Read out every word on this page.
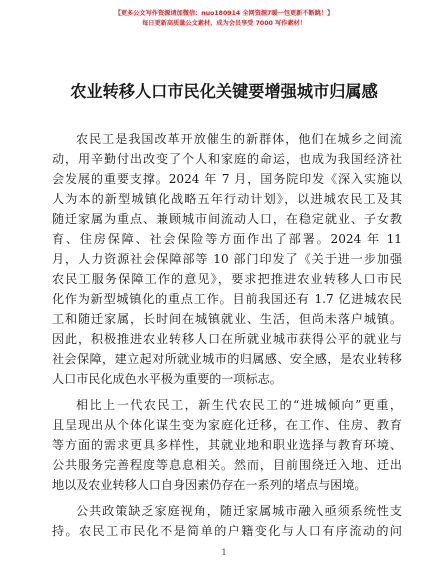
【更多公文写作资源请加微信：nuo180914 全网资源7暖一包更新不断跳！】
每日更新高质量公文素材，成为会员享受 7000 写作素材！
农业转移人口市民化关键要增强城市归属感
农民工是我国改革开放催生的新群体，他们在城乡之间流
动，用辛勤付出改变了个人和家庭的命运，也成为我国经济社
会发展的重要支撑。2024 年 7 月，国务院印发《深入实施以
人为本的新型城镇化战略五年行动计划》，以进城农民工及其
随迁家属为重点、兼顾城市间流动人口，在稳定就业、子女教
育、住房保障、社会保险等方面作出了部署。2024 年 11
月，人力资源社会保障部等 10 部门印发了《关于进一步加强
农民工服务保障工作的意见》，要求把推进农业转移人口市民
化作为新型城镇化的重点工作。目前我国还有 1.7 亿进城农民
工和随迁家属，长时间在城镇就业、生活，但尚未落户城镇。
因此，积极推进农业转移人口在所就业城市获得公平的就业与
社会保障，建立起对所就业城市的归属感、安全感，是农业转移
人口市民化成色水平极为重要的一项标志。
相比上一代农民工，新生代农民工的“进城倾向”更重，
且呈现出从个体化谋生变为家庭化迁移，在工作、住房、教育
等方面的需求更具多样性，其就业地和职业选择与教育环境、
公共服务完善程度等息息相关。然而，目前围绕迁入地、迁出
地以及农业转移人口自身因素仍存在一系列的堵点与困境。
公共政策缺乏家庭视角，随迁家属城市融入亟须系统性支
持。农民工市民化不是简单的户籍变化与人口有序流动的问
1
